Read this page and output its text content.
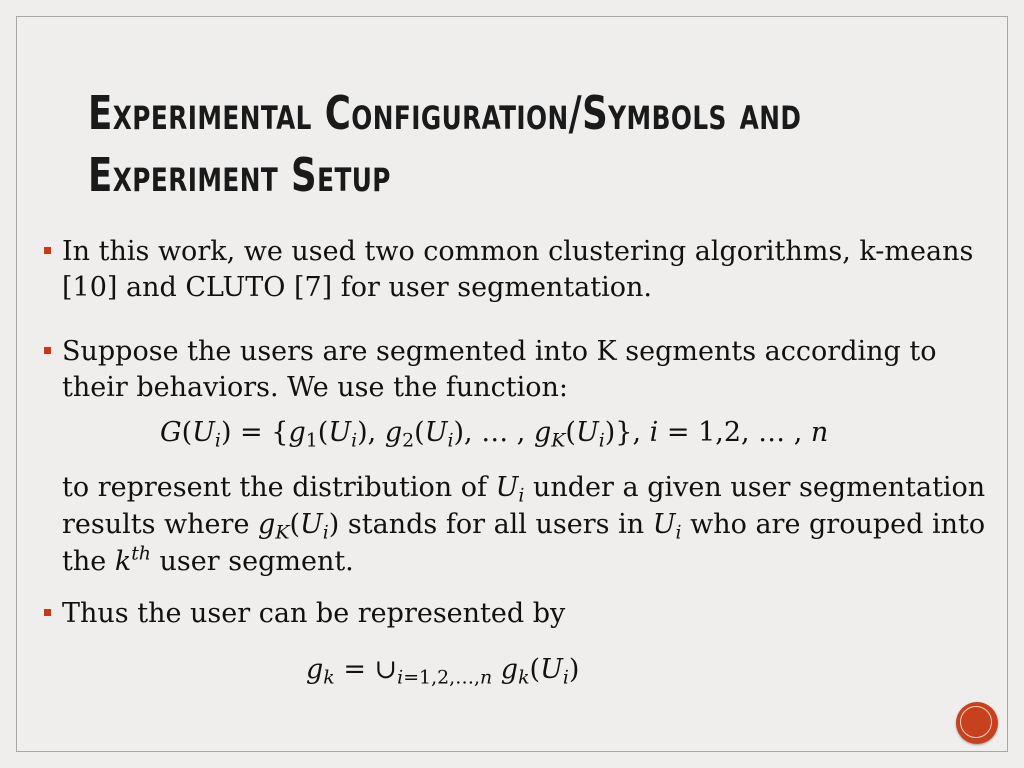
Experimental Configuration/Symbols and
Experiment Setup
In this work, we used two common clustering algorithms, k-means [10] and CLUTO [7] for user segmentation.
Suppose the users are segmented into K segments according to their behaviors. We use the function:
$G(U_i) = \{g_1(U_i)$, $g_2(U_i)$, … , $g_K(U_i)$}, i = 1,2, … , n
to represent the distribution of $U_i$ under a given user segmentation results where $g_K(U_i)$ stands for all users in $U_i$ who are grouped into the $k^{th}$ user segment.
Thus the user can be represented by
$g_k$ = $\cup_{i=1,2,\dots,n}$ $g_k(U_i)$
